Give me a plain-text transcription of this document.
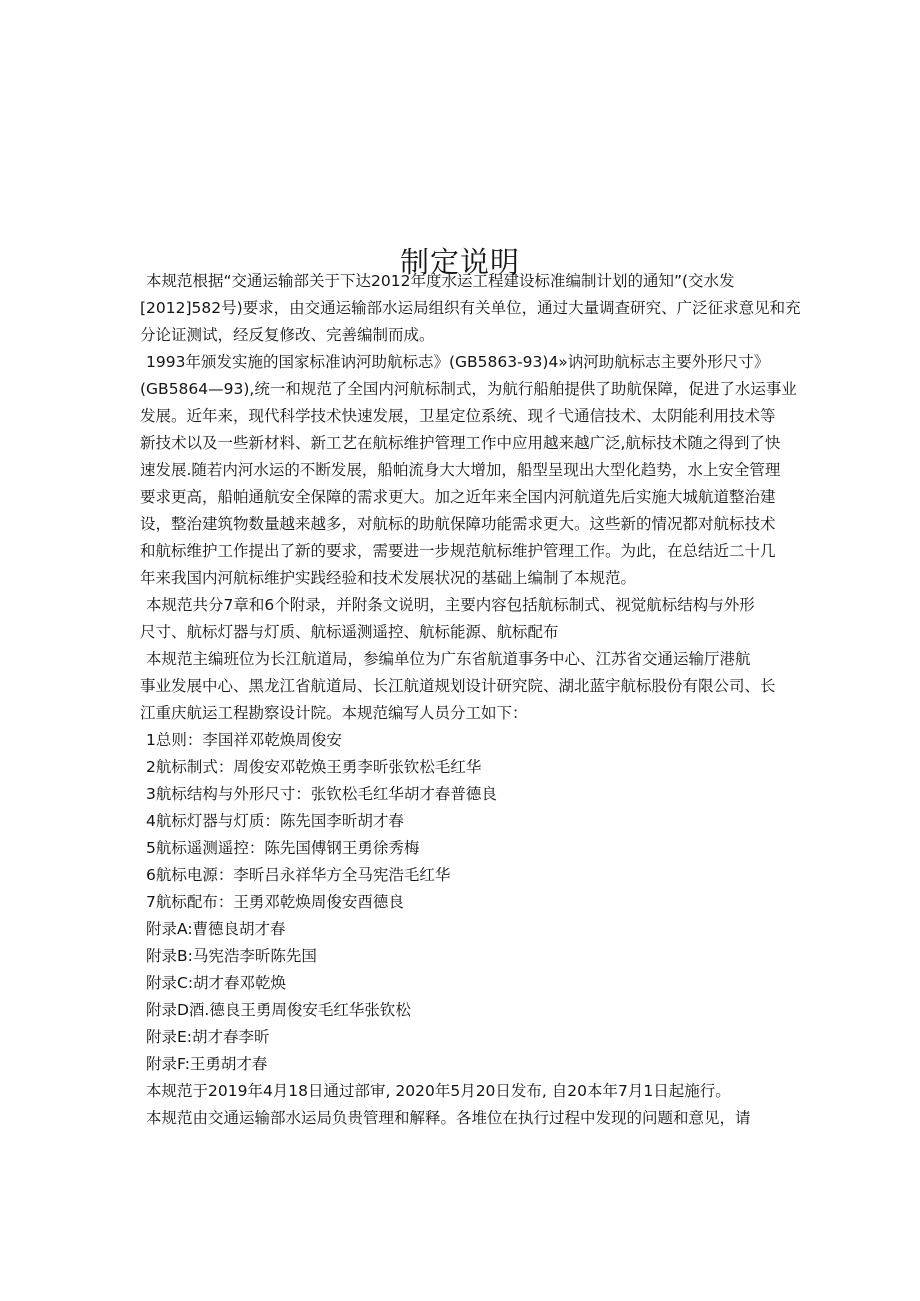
制定说明
本规范根据“交通运输部关于下达2012年度水运工程建设标准编制计划的通知”(交水发
[2012]582号)要求，由交通运输部水运局组织有关单位，通过大量调查研究、广泛征求意见和充
分论证测试，经反复修改、完善编制而成。
1993年颁发实施的国家标准讷河助航标志》(GB5863-93)4»讷河助航标志主要外形尺寸》
(GB5864—93),统一和规范了全国内河航标制式，为航行船舶提供了助航保障，促进了水运事业
发展。近年来，现代科学技术快速发展，卫星定位系统、现彳弋通信技术、太阴能利用技术等
新技术以及一些新材料、新工艺在航标维护管理工作中应用越来越广泛,航标技术随之得到了快
速发展.随若内河水运的不断发展，船帕流身大大增加，船型呈现出大型化趋势，水上安全管理
要求更高，船帕通航安全保障的需求更大。加之近年来全国内河航道先后实施大城航道整治建
设，整治建筑物数量越来越多，对航标的助航保障功能需求更大。这些新的情况都对航标技术
和航标维护工作提出了新的要求，需要进一步规范航标维护管理工作。为此，在总结近二十几
年来我国内河航标维护实践经验和技术发展状况的基础上编制了本规范。
本规范共分7章和6个附录，并附条文说明，主要内容包括航标制式、视觉航标结构与外形
尺寸、航标灯器与灯质、航标遥测遥控、航标能源、航标配布
本规范主编班位为长江航道局，参编单位为广东省航道事务中心、江苏省交通运输厅港航
事业发展中心、黑龙江省航道局、长江航道规划设计研究院、湖北蓝宇航标股份有限公司、长
江重庆航运工程勘察设计院。本规范编写人员分工如下：
1总则：李国祥邓乾焕周俊安
2航标制式：周俊安邓乾焕王勇李昕张钦松毛红华
3航标结构与外形尺寸：张钦松毛红华胡才春普德良
4航标灯器与灯质：陈先国李昕胡才春
5航标遥测遥控：陈先国傅钢王勇徐秀梅
6航标电源：李昕吕永祥华方全马宪浩毛红华
7航标配布：王勇邓乾焕周俊安酉德良
附录A:曹德良胡才春
附录B:马宪浩李昕陈先国
附录C:胡才春邓乾焕
附录D酒.德良王勇周俊安毛红华张钦松
附录E:胡才春李昕
附录F:王勇胡才春
本规范于2019年4月18日通过部审, 2020年5月20日发布, 自20本年7月1日起施行。
本规范由交通运输部水运局负贵管理和解释。各堆位在执行过程中发现的问题和意见，请
